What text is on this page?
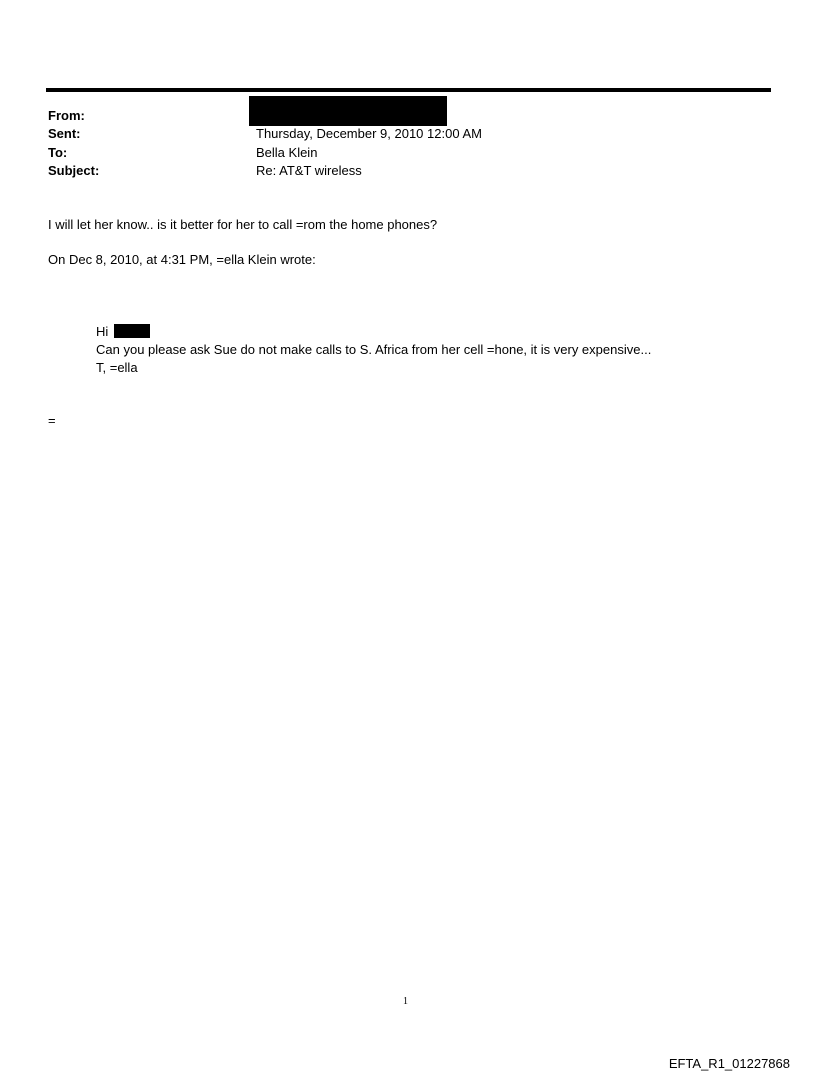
From:
Sent:	Thursday, December 9, 2010 12:00 AM
To:	Bella Klein
Subject:	Re: AT&T wireless
I will let her know.. is it better for her to call =rom the home phones?
On Dec 8, 2010, at 4:31 PM, =ella Klein wrote:
Hi
Can you please ask Sue do not make calls to S. Africa from her cell =hone, it is very expensive...
T, =ella
=
1
EFTA_R1_01227868
